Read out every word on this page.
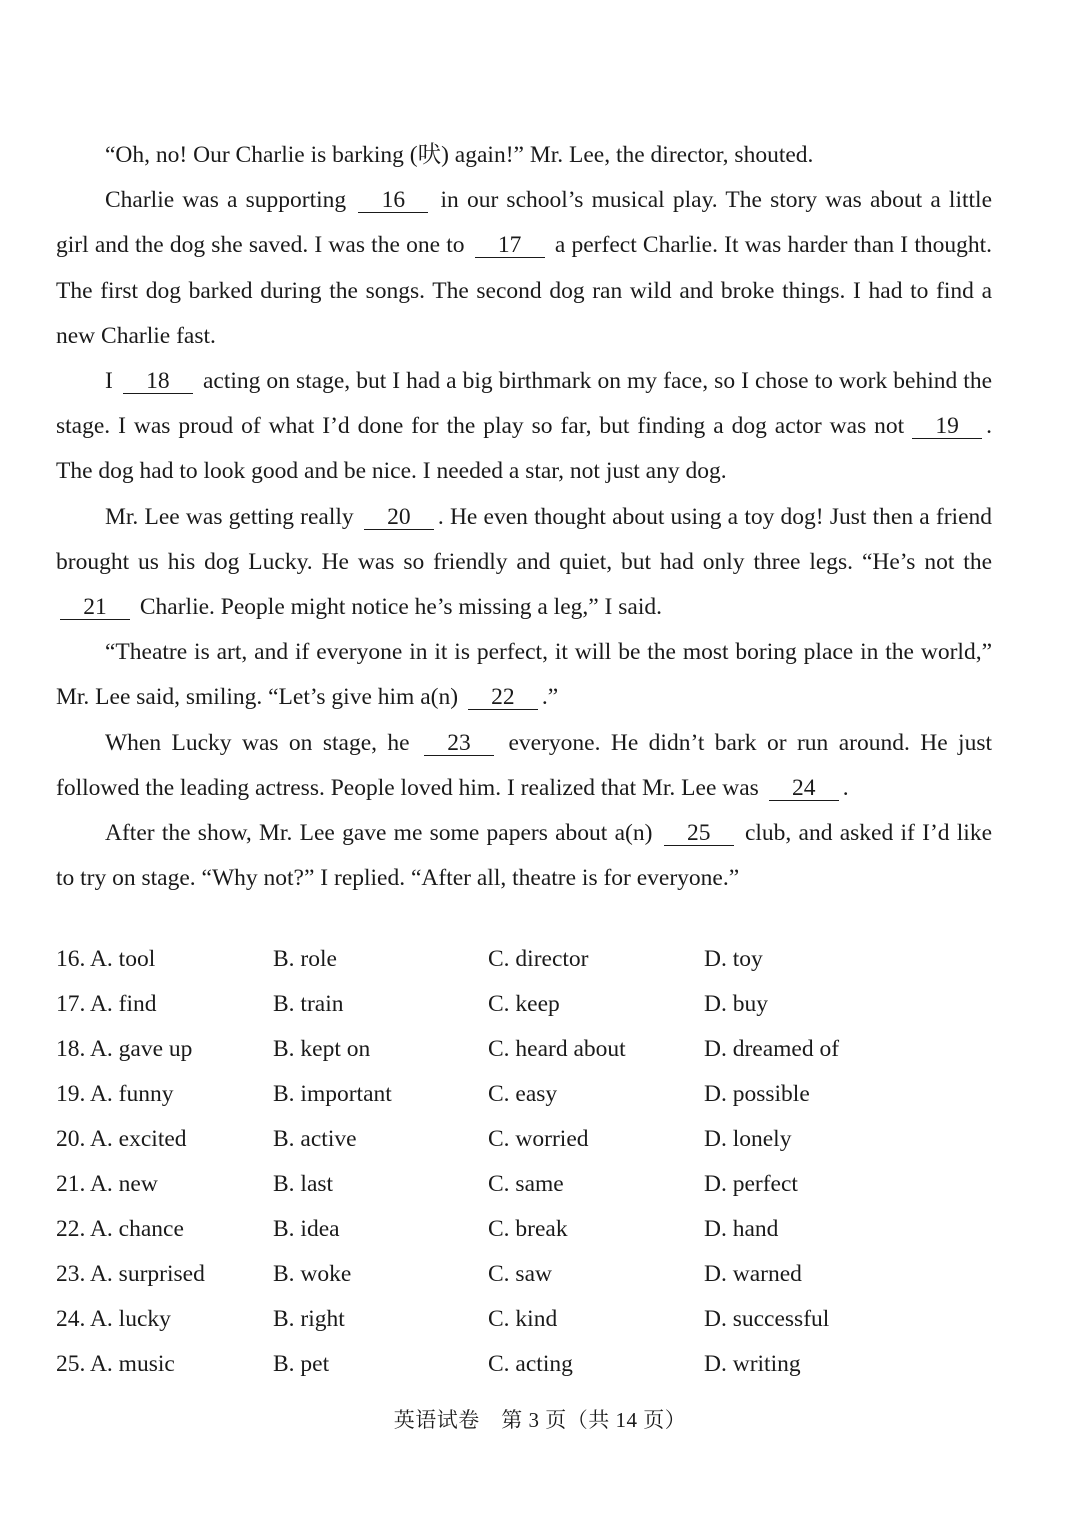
“Oh, no! Our Charlie is barking (吠) again!” Mr. Lee, the director, shouted.

Charlie was a supporting 16 in our school’s musical play. The story was about a little girl and the dog she saved. I was the one to 17 a perfect Charlie. It was harder than I thought. The first dog barked during the songs. The second dog ran wild and broke things. I had to find a new Charlie fast.

I 18 acting on stage, but I had a big birthmark on my face, so I chose to work behind the stage. I was proud of what I’d done for the play so far, but finding a dog actor was not 19 . The dog had to look good and be nice. I needed a star, not just any dog.

Mr. Lee was getting really 20 . He even thought about using a toy dog! Just then a friend brought us his dog Lucky. He was so friendly and quiet, but had only three legs. “He’s not the 21 Charlie. People might notice he’s missing a leg,” I said.

“Theatre is art, and if everyone in it is perfect, it will be the most boring place in the world,” Mr. Lee said, smiling. “Let’s give him a(n) 22 .”

When Lucky was on stage, he 23 everyone. He didn’t bark or run around. He just followed the leading actress. People loved him. I realized that Mr. Lee was 24 .

After the show, Mr. Lee gave me some papers about a(n) 25 club, and asked if I’d like to try on stage. “Why not?” I replied. “After all, theatre is for everyone.”

16. A. tool	B. role	C. director	D. toy
17. A. find	B. train	C. keep	D. buy
18. A. gave up	B. kept on	C. heard about	D. dreamed of
19. A. funny	B. important	C. easy	D. possible
20. A. excited	B. active	C. worried	D. lonely
21. A. new	B. last	C. same	D. perfect
22. A. chance	B. idea	C. break	D. hand
23. A. surprised	B. woke	C. saw	D. warned
24. A. lucky	B. right	C. kind	D. successful
25. A. music	B. pet	C. acting	D. writing
英语试卷　第 3 页（共 14 页）
